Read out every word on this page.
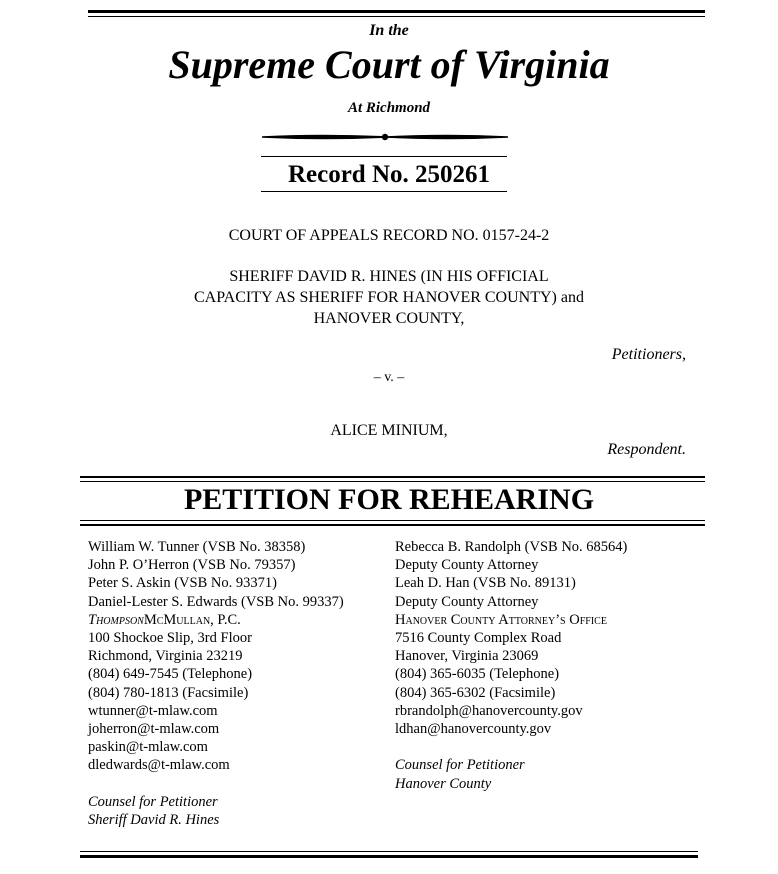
In the
Supreme Court of Virginia
At Richmond
Record No. 250261
COURT OF APPEALS RECORD NO. 0157-24-2
SHERIFF DAVID R. HINES (IN HIS OFFICIAL
CAPACITY AS SHERIFF FOR HANOVER COUNTY) and
HANOVER COUNTY,
Petitioners,
– v. –
ALICE MINIUM,
Respondent.
PETITION FOR REHEARING
William W. Tunner (VSB No. 38358)
John P. O’Herron (VSB No. 79357)
Peter S. Askin (VSB No. 93371)
Daniel-Lester S. Edwards (VSB No. 99337)
ThompsonMcMullan, P.C.
100 Shockoe Slip, 3rd Floor
Richmond, Virginia 23219
(804) 649-7545 (Telephone)
(804) 780-1813 (Facsimile)
wtunner@t-mlaw.com
joherron@t-mlaw.com
paskin@t-mlaw.com
dledwards@t-mlaw.com
Counsel for Petitioner
Sheriff David R. Hines
Rebecca B. Randolph (VSB No. 68564)
Deputy County Attorney
Leah D. Han (VSB No. 89131)
Deputy County Attorney
Hanover County Attorney’s Office
7516 County Complex Road
Hanover, Virginia 23069
(804) 365-6035 (Telephone)
(804) 365-6302 (Facsimile)
rbrandolph@hanovercounty.gov
ldhan@hanovercounty.gov
Counsel for Petitioner
Hanover County
